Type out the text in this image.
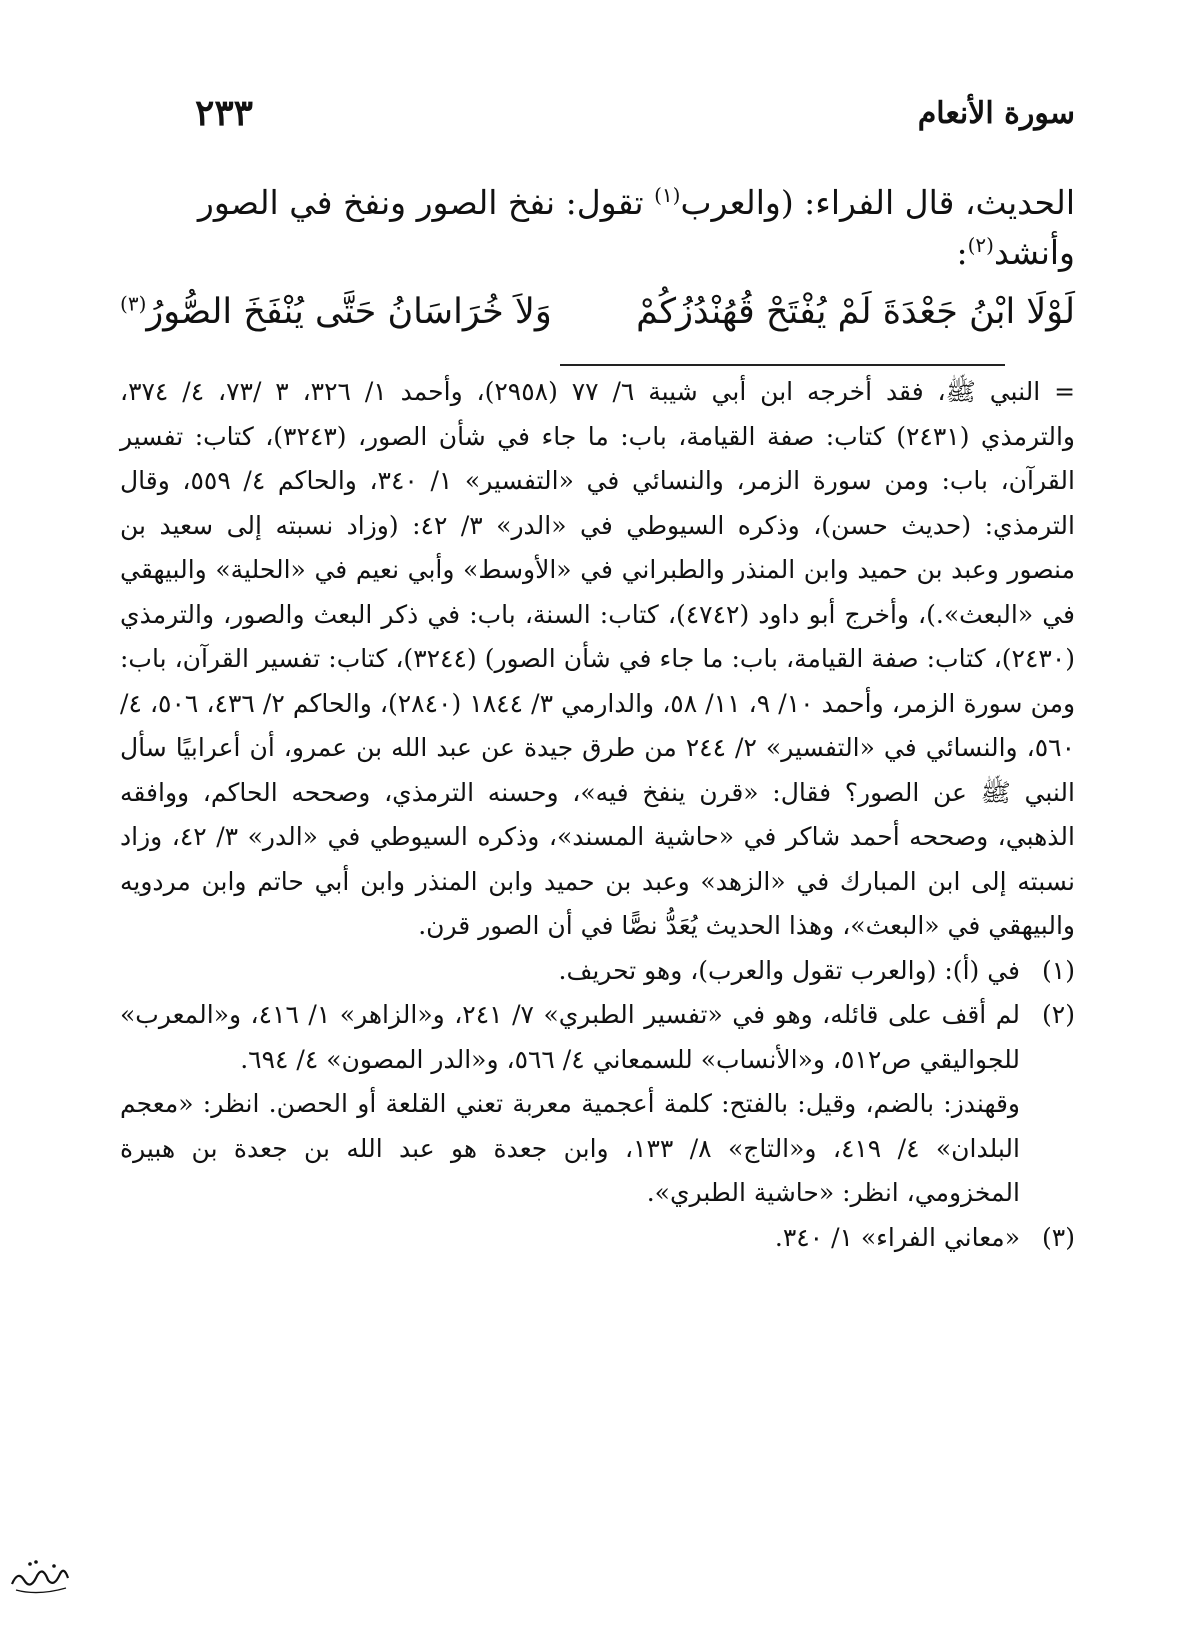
٢٣٣	سورة الأنعام

الحديث، قال الفراء: (والعرب$^{(١)}$ تقول: نفخ الصور ونفخ في الصور

وأنشد$^{(٢)}$:

لَوْلَا ابْنُ جَعْدَةَ لَمْ يُفْتَحْ قُهُنْدُزُكُمْ
وَلاَ خُرَاسَانُ حَتَّى يُنْفَخَ الصُّورُ$^{(٣)}$

= النبي ﷺ، فقد أخرجه ابن أبي شيبة ٦/ ٧٧ (٢٩٥٨)، وأحمد ١/ ٣٢٦، ٣ /٧٣، ٤/ ٣٧٤، والترمذي (٢٤٣١) كتاب: صفة القيامة، باب: ما جاء في شأن الصور، (٣٢٤٣)، كتاب: تفسير القرآن، باب: ومن سورة الزمر، والنسائي في «التفسير» ١/ ٣٤٠، والحاكم ٤/ ٥٥٩، وقال الترمذي: (حديث حسن)، وذكره السيوطي في «الدر» ٣/ ٤٢: (وزاد نسبته إلى سعيد بن منصور وعبد بن حميد وابن المنذر والطبراني في «الأوسط» وأبي نعيم في «الحلية» والبيهقي في «البعث».)، وأخرج أبو داود (٤٧٤٢)، كتاب: السنة، باب: في ذكر البعث والصور، والترمذي (٢٤٣٠)، كتاب: صفة القيامة، باب: ما جاء في شأن الصور) (٣٢٤٤)، كتاب: تفسير القرآن، باب: ومن سورة الزمر، وأحمد ١٠/ ٩، ١١/ ٥٨، والدارمي ٣/ ١٨٤٤ (٢٨٤٠)، والحاكم ٢/ ٤٣٦، ٥٠٦، ٤/ ٥٦٠، والنسائي في «التفسير» ٢/ ٢٤٤ من طرق جيدة عن عبد الله بن عمرو، أن أعرابيًا سأل النبي ﷺ عن الصور؟ فقال: «قرن ينفخ فيه»، وحسنه الترمذي، وصححه الحاكم، ووافقه الذهبي، وصححه أحمد شاكر في «حاشية المسند»، وذكره السيوطي في «الدر» ٣/ ٤٢، وزاد نسبته إلى ابن المبارك في «الزهد» وعبد بن حميد وابن المنذر وابن أبي حاتم وابن مردويه والبيهقي في «البعث»، وهذا الحديث يُعَدُّ نصًّا في أن الصور قرن.

(١)
في (أ): (والعرب تقول والعرب)، وهو تحريف.
(٢)
لم أقف على قائله، وهو في «تفسير الطبري» ٧/ ٢٤١، و«الزاهر» ١/ ٤١٦، و«المعرب» للجواليقي ص٥١٢، و«الأنساب» للسمعاني ٤/ ٥٦٦، و«الدر المصون» ٤/ ٦٩٤.

وقهندز: بالضم، وقيل: بالفتح: كلمة أعجمية معربة تعني القلعة أو الحصن. انظر: «معجم البلدان» ٤/ ٤١٩، و«التاج» ٨/ ١٣٣، وابن جعدة هو عبد الله بن جعدة بن هبيرة المخزومي، انظر: «حاشية الطبري».

(٣)
«معاني الفراء» ١/ ٣٤٠.
